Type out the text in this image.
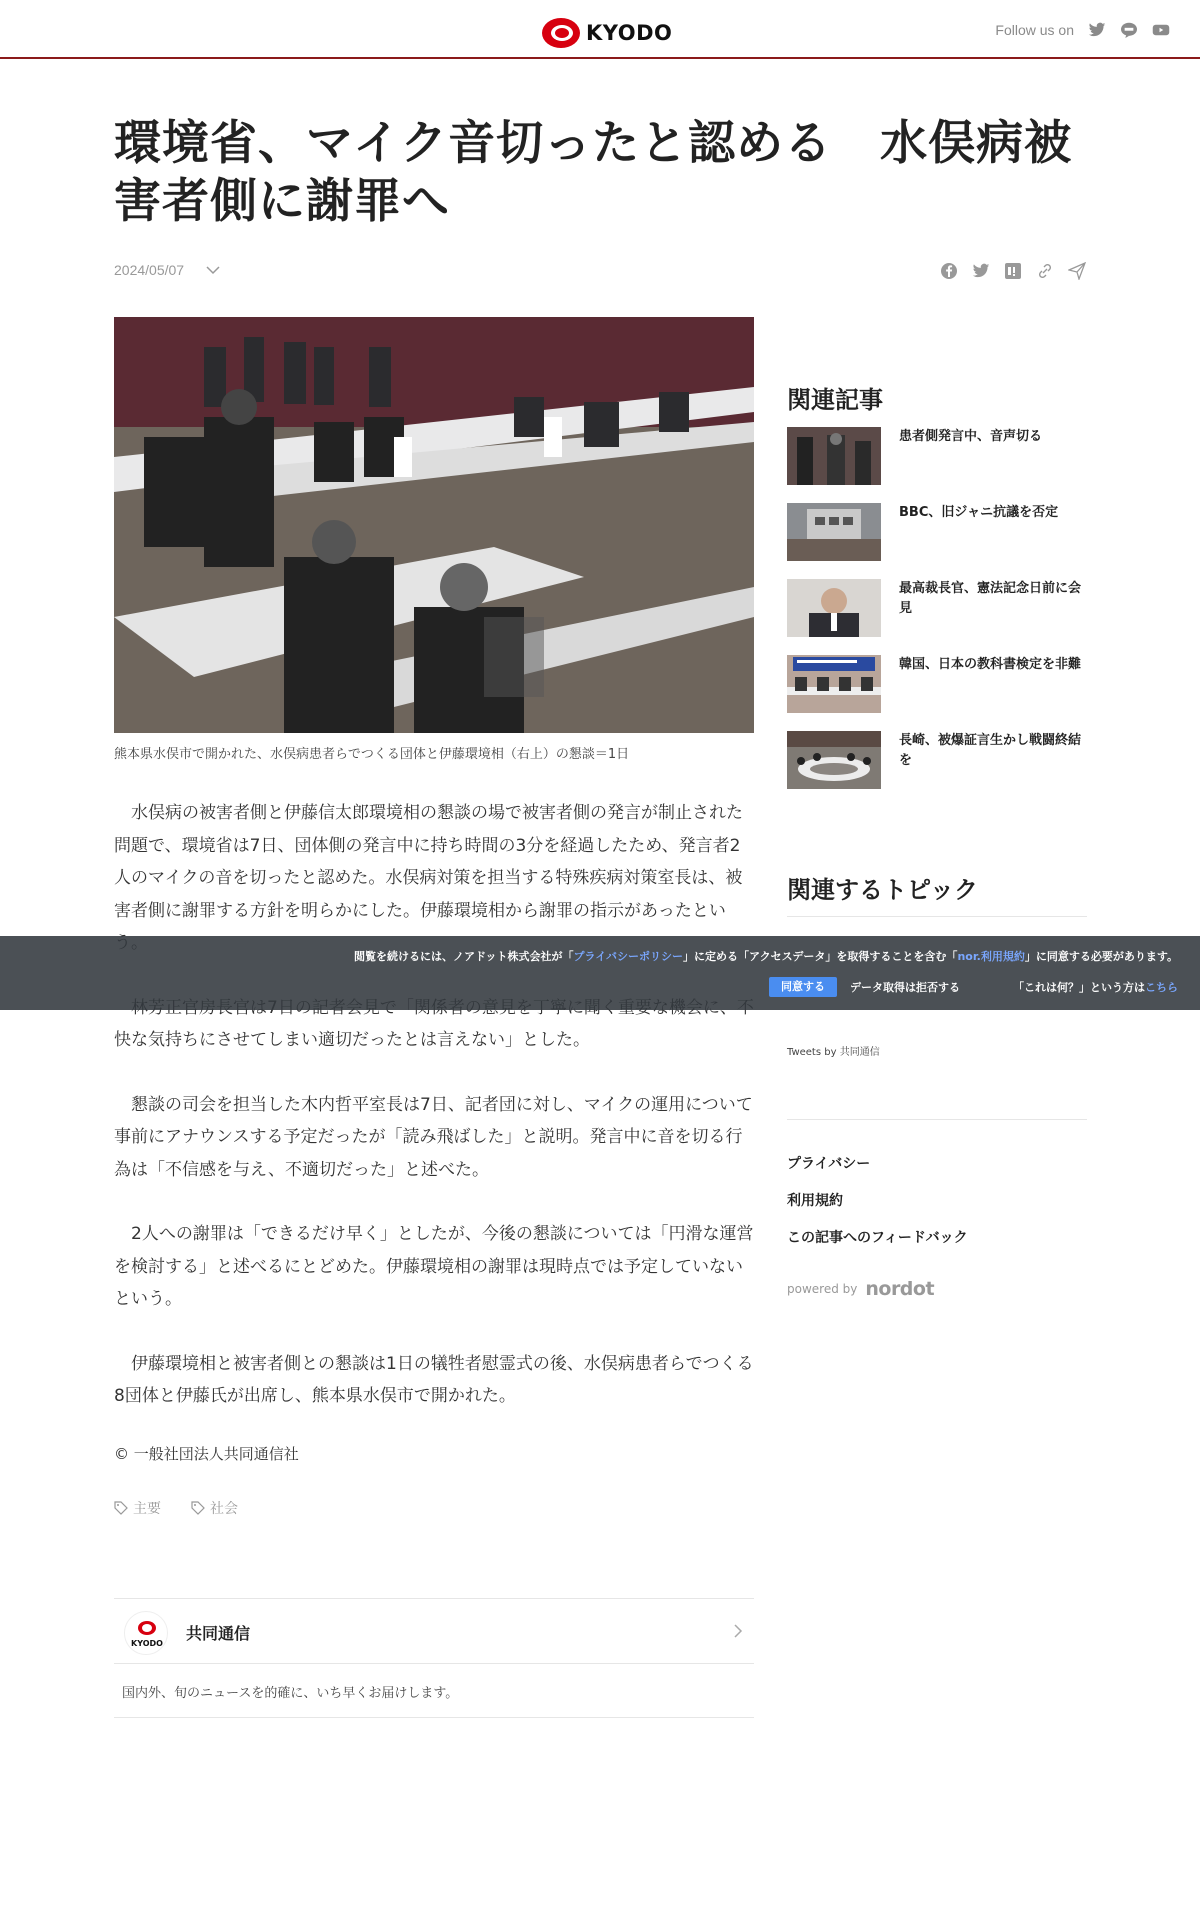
KYODO	Follow us on
環境省、マイク音切ったと認める　水俣病被害者側に謝罪へ
2024/05/07
熊本県水俣市で開かれた、水俣病患者らでつくる団体と伊藤環境相（右上）の懇談＝1日

水俣病の被害者側と伊藤信太郎環境相の懇談の場で被害者側の発言が制止された問題で、環境省は7日、団体側の発言中に持ち時間の3分を経過したため、発言者2人のマイクの音を切ったと認めた。水俣病対策を担当する特殊疾病対策室長は、被害者側に謝罪する方針を明らかにした。伊藤環境相から謝罪の指示があったとい

快な気持ちにさせてしまい適切だったとは言えない」とした。

懇談の司会を担当した木内哲平室長は7日、記者団に対し、マイクの運用について事前にアナウンスする予定だったが「読み飛ばした」と説明。発言中に音を切る行為は「不信感を与え、不適切だった」と述べた。

2人への謝罪は「できるだけ早く」としたが、今後の懇談については「円滑な運営を検討する」と述べるにとどめた。伊藤環境相の謝罪は現時点では予定していないという。

伊藤環境相と被害者側との懇談は1日の犠牲者慰霊式の後、水俣病患者らでつくる8団体と伊藤氏が出席し、熊本県水俣市で開かれた。

© 一般社団法人共同通信社
主要	社会
KYODO
共同通信
国内外、旬のニュースを的確に、いち早くお届けします。
関連記事
患者側発言中、音声切る
BBC、旧ジャニ抗議を否定
最高裁長官、憲法記念日前に会見
韓国、日本の教科書検定を非難
長崎、被爆証言生かし戦闘終結を
関連するトピック
Tweets by 共同通信
プライバシー
利用規約
この記事へのフィードバック
powered by nordot
閲覧を続けるには、ノアドット株式会社が「プライバシーポリシー」に定める「アクセスデータ」を取得することを含む「nor.利用規約」に同意する必要があります。
同意する	データ取得は拒否する	「これは何？」という方はこちら
